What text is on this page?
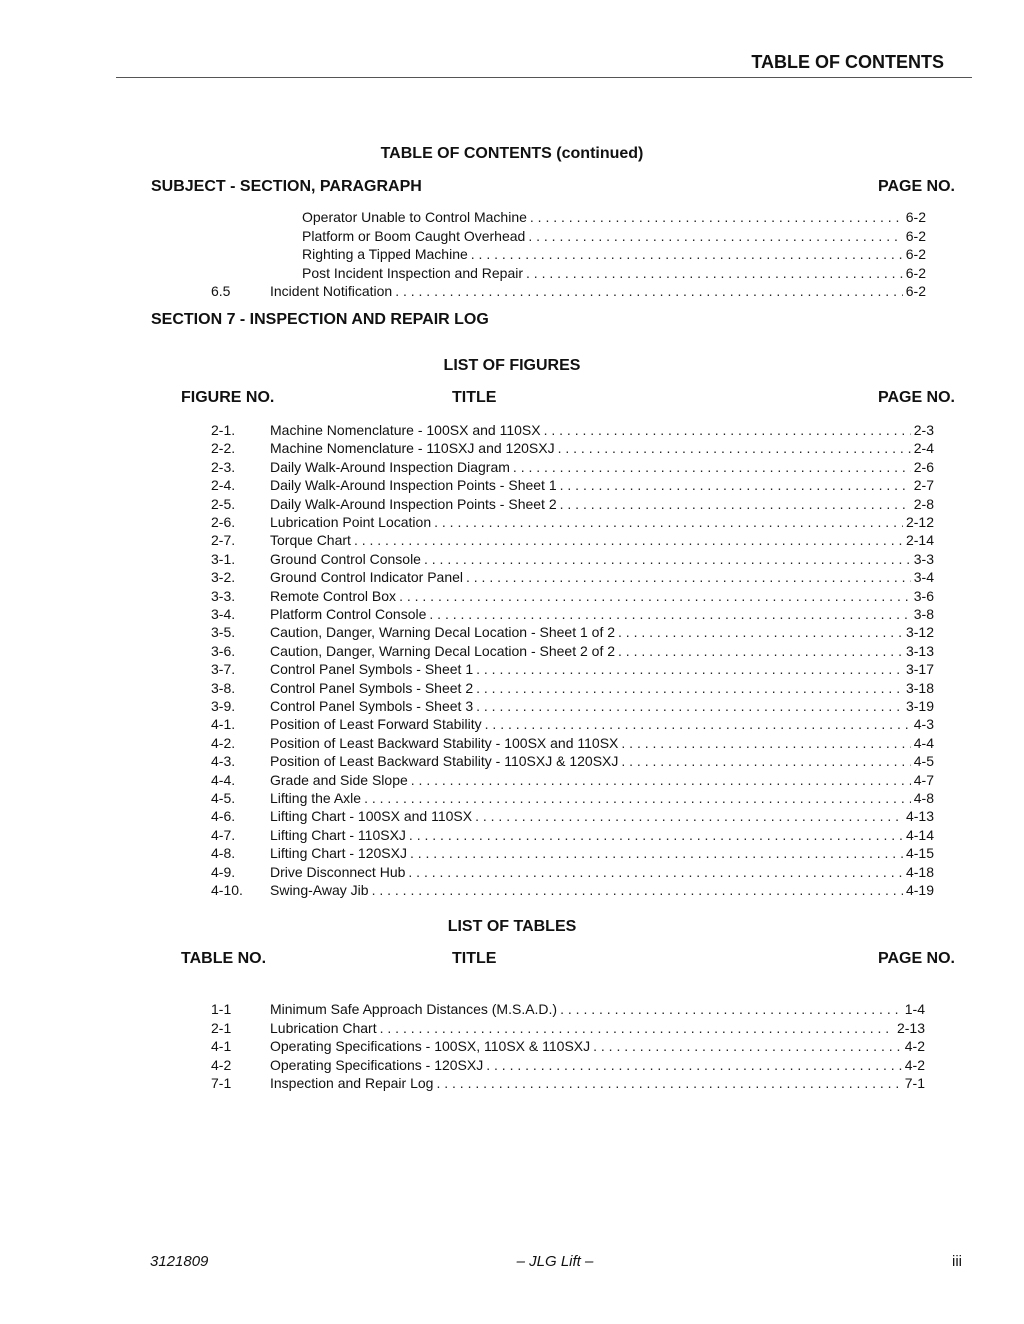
TABLE OF CONTENTS
TABLE OF CONTENTS (continued)
SUBJECT - SECTION, PARAGRAPH	PAGE NO.
Operator Unable to Control Machine . . .	6-2
Platform or Boom Caught Overhead . . .	6-2
Righting a Tipped Machine . . .	6-2
Post Incident Inspection and Repair . . .	6-2
6.5	Incident Notification . . .	6-2
SECTION 7 - INSPECTION AND REPAIR LOG
LIST OF FIGURES
FIGURE NO.	TITLE	PAGE NO.
2-1. Machine Nomenclature - 100SX and 110SX . . .	2-3
2-2. Machine Nomenclature - 110SXJ and 120SXJ . . .	2-4
2-3. Daily Walk-Around Inspection Diagram . . .	2-6
2-4. Daily Walk-Around Inspection Points - Sheet 1 . . .	2-7
2-5. Daily Walk-Around Inspection Points - Sheet 2 . . .	2-8
2-6. Lubrication Point Location . . .	2-12
2-7. Torque Chart . . .	2-14
3-1. Ground Control Console . . .	3-3
3-2. Ground Control Indicator Panel . . .	3-4
3-3. Remote Control Box . . .	3-6
3-4. Platform Control Console . . .	3-8
3-5. Caution, Danger, Warning Decal Location - Sheet 1 of 2 . . .	3-12
3-6. Caution, Danger, Warning Decal Location - Sheet 2 of 2 . . .	3-13
3-7. Control Panel Symbols - Sheet 1 . . .	3-17
3-8. Control Panel Symbols - Sheet 2 . . .	3-18
3-9. Control Panel Symbols - Sheet 3 . . .	3-19
4-1. Position of Least Forward Stability . . .	4-3
4-2. Position of Least Backward Stability - 100SX and 110SX . . .	4-4
4-3. Position of Least Backward Stability - 110SXJ & 120SXJ . . .	4-5
4-4. Grade and Side Slope . . .	4-7
4-5. Lifting the Axle . . .	4-8
4-6. Lifting Chart - 100SX and 110SX . . .	4-13
4-7. Lifting Chart - 110SXJ . . .	4-14
4-8. Lifting Chart - 120SXJ . . .	4-15
4-9. Drive Disconnect Hub . . .	4-18
4-10. Swing-Away Jib . . .	4-19
LIST OF TABLES
TABLE NO.	TITLE	PAGE NO.
1-1	Minimum Safe Approach Distances (M.S.A.D.) . . .	1-4
2-1	Lubrication Chart . . .	2-13
4-1	Operating Specifications - 100SX, 110SX & 110SXJ . . .	4-2
4-2	Operating Specifications - 120SXJ . . .	4-2
7-1	Inspection and Repair Log . . .	7-1
3121809	– JLG Lift –	iii
